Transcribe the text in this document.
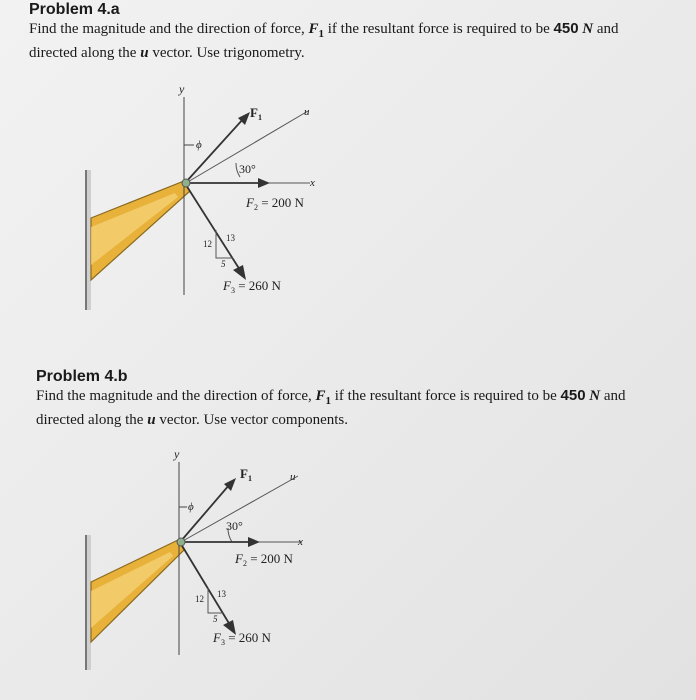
Problem 4.a
Find the magnitude and the direction of force, $F_1$ if the resultant force is required to be 450 N and
directed along the u vector. Use trigonometry.
y
u
$F_1$
ϕ
30°
x
$F_2 = 200$ N
$F_3 = 260$ N
12
13
5
Problem 4.b
Find the magnitude and the direction of force, $F_1$ if the resultant force is required to be 450 N and
directed along the u vector. Use vector components.
y
u
$F_1$
ϕ
30°
x
$F_2 = 200$ N
$F_3 = 260$ N
12 13
5
